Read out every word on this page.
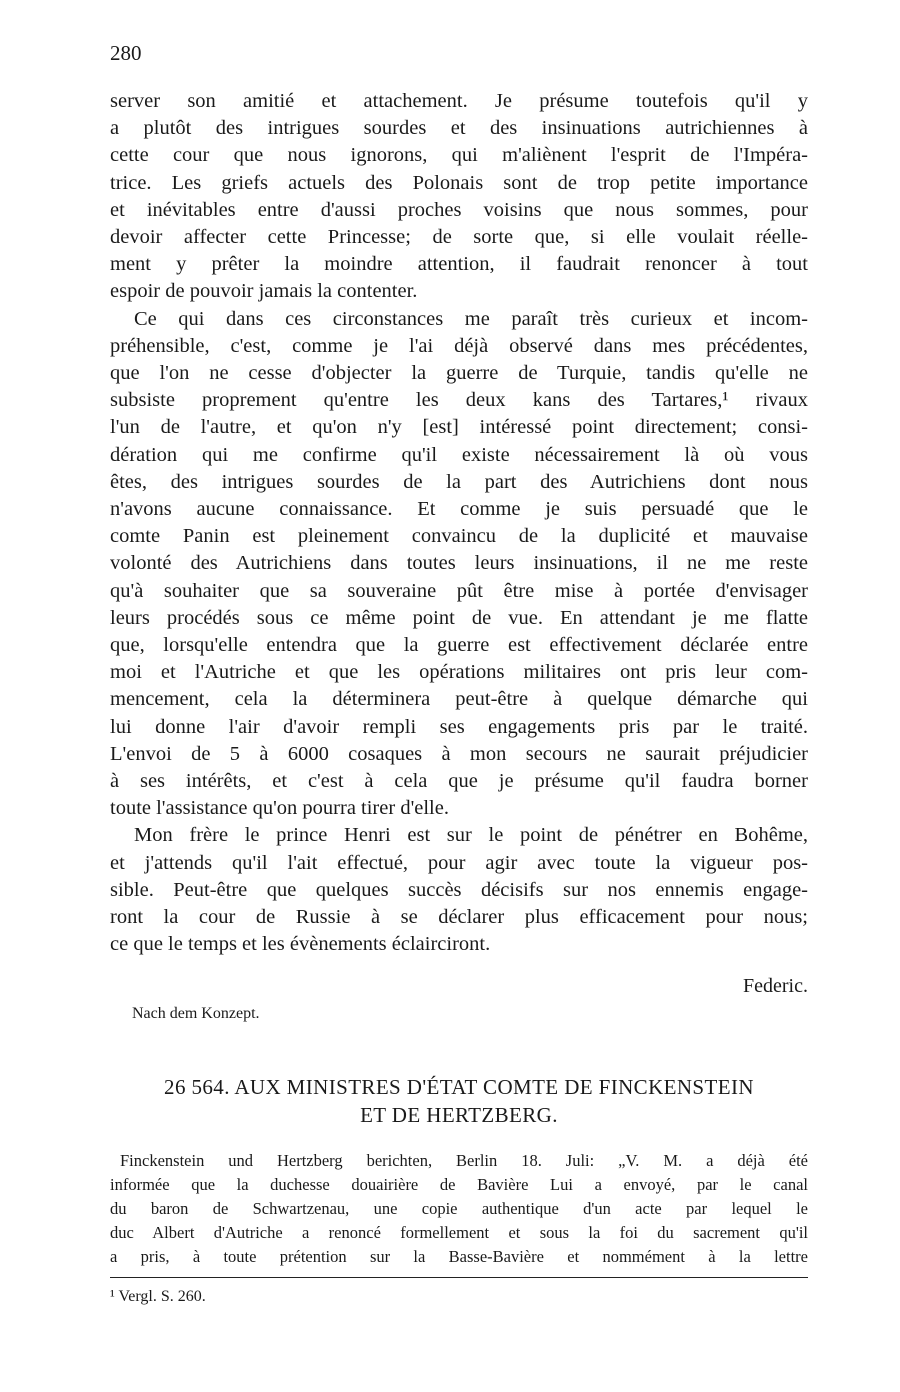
280
server son amitié et attachement. Je présume toutefois qu'il y
a plutôt des intrigues sourdes et des insinuations autrichiennes à
cette cour que nous ignorons, qui m'aliènent l'esprit de l'Impéra-
trice. Les griefs actuels des Polonais sont de trop petite importance
et inévitables entre d'aussi proches voisins que nous sommes, pour
devoir affecter cette Princesse; de sorte que, si elle voulait réelle-
ment y prêter la moindre attention, il faudrait renoncer à tout
espoir de pouvoir jamais la contenter.
Ce qui dans ces circonstances me paraît très curieux et incom-
préhensible, c'est, comme je l'ai déjà observé dans mes précédentes,
que l'on ne cesse d'objecter la guerre de Turquie, tandis qu'elle ne
subsiste proprement qu'entre les deux kans des Tartares,¹ rivaux
l'un de l'autre, et qu'on n'y [est] intéressé point directement; consi-
dération qui me confirme qu'il existe nécessairement là où vous
êtes, des intrigues sourdes de la part des Autrichiens dont nous
n'avons aucune connaissance. Et comme je suis persuadé que le
comte Panin est pleinement convaincu de la duplicité et mauvaise
volonté des Autrichiens dans toutes leurs insinuations, il ne me reste
qu'à souhaiter que sa souveraine pût être mise à portée d'envisager
leurs procédés sous ce même point de vue. En attendant je me flatte
que, lorsqu'elle entendra que la guerre est effectivement déclarée entre
moi et l'Autriche et que les opérations militaires ont pris leur com-
mencement, cela la déterminera peut-être à quelque démarche qui
lui donne l'air d'avoir rempli ses engagements pris par le traité.
L'envoi de 5 à 6000 cosaques à mon secours ne saurait préjudicier
à ses intérêts, et c'est à cela que je présume qu'il faudra borner
toute l'assistance qu'on pourra tirer d'elle.
Mon frère le prince Henri est sur le point de pénétrer en Bohême,
et j'attends qu'il l'ait effectué, pour agir avec toute la vigueur pos-
sible. Peut-être que quelques succès décisifs sur nos ennemis engage-
ront la cour de Russie à se déclarer plus efficacement pour nous;
ce que le temps et les évènements éclairciront.
Federic.
Nach dem Konzept.
26 564. AUX MINISTRES D'ÉTAT COMTE DE FINCKENSTEIN
ET DE HERTZBERG.
Finckenstein und Hertzberg berichten, Berlin 18. Juli: „V. M. a déjà été
informée que la duchesse douairière de Bavière Lui a envoyé, par le canal
du baron de Schwartzenau, une copie authentique d'un acte par lequel le
duc Albert d'Autriche a renoncé formellement et sous la foi du sacrement qu'il
a pris, à toute prétention sur la Basse-Bavière et nommément à la lettre
¹ Vergl. S. 260.
